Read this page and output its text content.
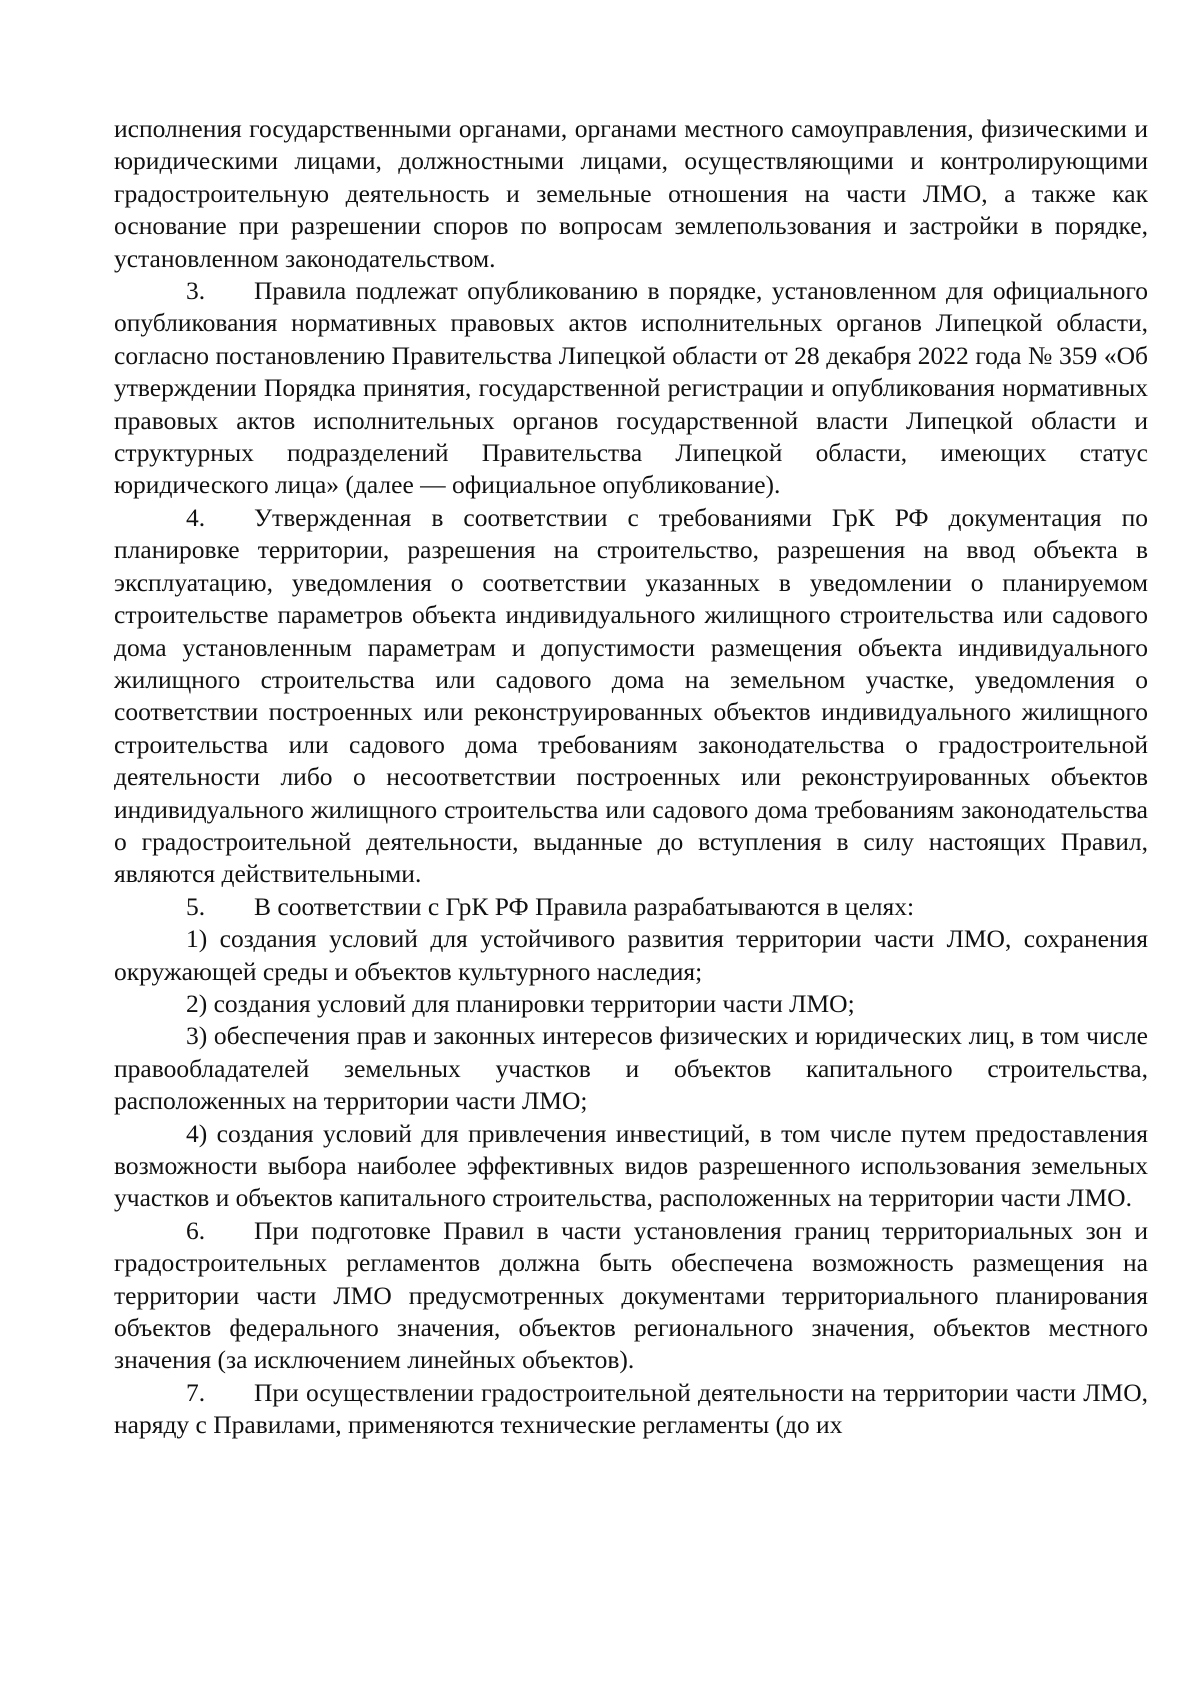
исполнения государственными органами, органами местного самоуправления, физическими и юридическими лицами, должностными лицами, осуществляющими и контролирующими градостроительную деятельность и земельные отношения на части ЛМО, а также как основание при разрешении споров по вопросам землепользования и застройки в порядке, установленном законодательством.

3. Правила подлежат опубликованию в порядке, установленном для официального опубликования нормативных правовых актов исполнительных органов Липецкой области, согласно постановлению Правительства Липецкой области от 28 декабря 2022 года № 359 «Об утверждении Порядка принятия, государственной регистрации и опубликования нормативных правовых актов исполнительных органов государственной власти Липецкой области и структурных подразделений Правительства Липецкой области, имеющих статус юридического лица» (далее — официальное опубликование).

4. Утвержденная в соответствии с требованиями ГрК РФ документация по планировке территории, разрешения на строительство, разрешения на ввод объекта в эксплуатацию, уведомления о соответствии указанных в уведомлении о планируемом строительстве параметров объекта индивидуального жилищного строительства или садового дома установленным параметрам и допустимости размещения объекта индивидуального жилищного строительства или садового дома на земельном участке, уведомления о соответствии построенных или реконструированных объектов индивидуального жилищного строительства или садового дома требованиям законодательства о градостроительной деятельности либо о несоответствии построенных или реконструированных объектов индивидуального жилищного строительства или садового дома требованиям законодательства о градостроительной деятельности, выданные до вступления в силу настоящих Правил, являются действительными.

5. В соответствии с ГрК РФ Правила разрабатываются в целях:

1) создания условий для устойчивого развития территории части ЛМО, сохранения окружающей среды и объектов культурного наследия;

2) создания условий для планировки территории части ЛМО;

3) обеспечения прав и законных интересов физических и юридических лиц, в том числе правообладателей земельных участков и объектов капитального строительства, расположенных на территории части ЛМО;

4) создания условий для привлечения инвестиций, в том числе путем предоставления возможности выбора наиболее эффективных видов разрешенного использования земельных участков и объектов капитального строительства, расположенных на территории части ЛМО.

6. При подготовке Правил в части установления границ территориальных зон и градостроительных регламентов должна быть обеспечена возможность размещения на территории части ЛМО предусмотренных документами территориального планирования объектов федерального значения, объектов регионального значения, объектов местного значения (за исключением линейных объектов).

7. При осуществлении градостроительной деятельности на территории части ЛМО, наряду с Правилами, применяются технические регламенты (до их
